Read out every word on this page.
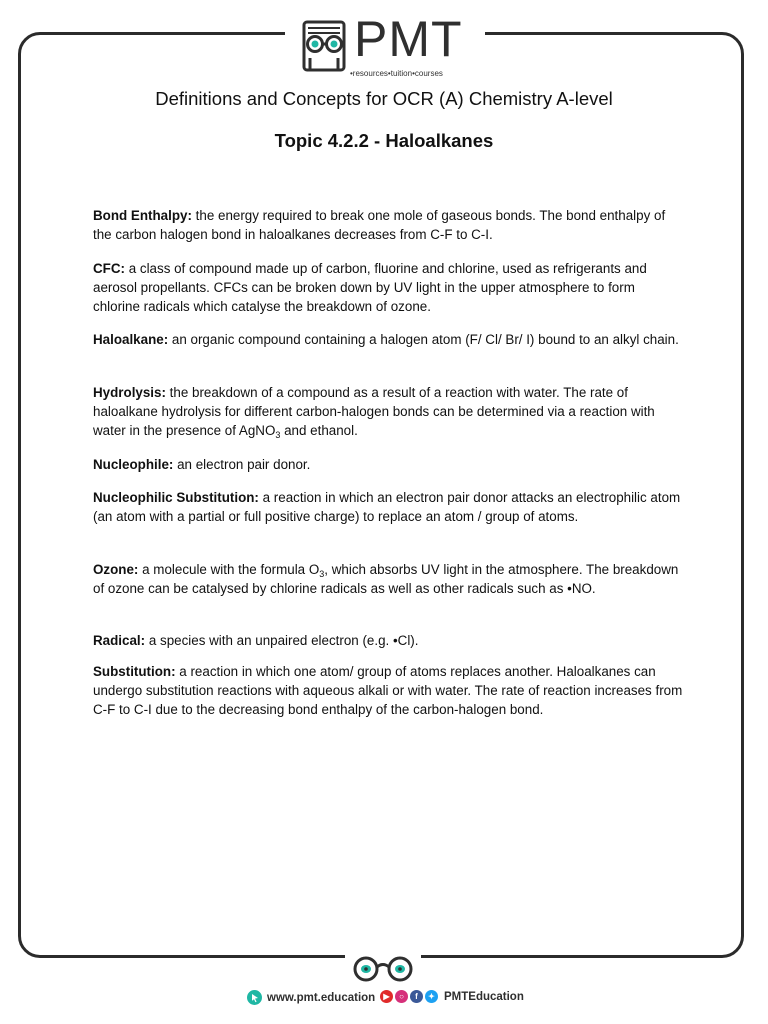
PMT
•resources•tuition•courses
Definitions and Concepts for OCR (A) Chemistry A-level
Topic 4.2.2 - Haloalkanes
Bond Enthalpy: the energy required to break one mole of gaseous bonds. The bond enthalpy of the carbon halogen bond in haloalkanes decreases from C-F to C-I.
CFC: a class of compound made up of carbon, fluorine and chlorine, used as refrigerants and aerosol propellants. CFCs can be broken down by UV light in the upper atmosphere to form chlorine radicals which catalyse the breakdown of ozone.
Haloalkane: an organic compound containing a halogen atom (F/ Cl/ Br/ I) bound to an alkyl chain.
Hydrolysis: the breakdown of a compound as a result of a reaction with water. The rate of haloalkane hydrolysis for different carbon-halogen bonds can be determined via a reaction with water in the presence of AgNO$_3$ and ethanol.
Nucleophile: an electron pair donor.
Nucleophilic Substitution: a reaction in which an electron pair donor attacks an electrophilic atom (an atom with a partial or full positive charge) to replace an atom / group of atoms.
Ozone: a molecule with the formula $O_3$, which absorbs UV light in the atmosphere. The breakdown of ozone can be catalysed by chlorine radicals as well as other radicals such as •NO.
Radical: a species with an unpaired electron (e.g. •Cl).
Substitution: a reaction in which one atom/ group of atoms replaces another. Haloalkanes can undergo substitution reactions with aqueous alkali or with water. The rate of reaction increases from C-F to C-I due to the decreasing bond enthalpy of the carbon-halogen bond.
www.pmt.education	▶	○	f	✦ PMTEducation
